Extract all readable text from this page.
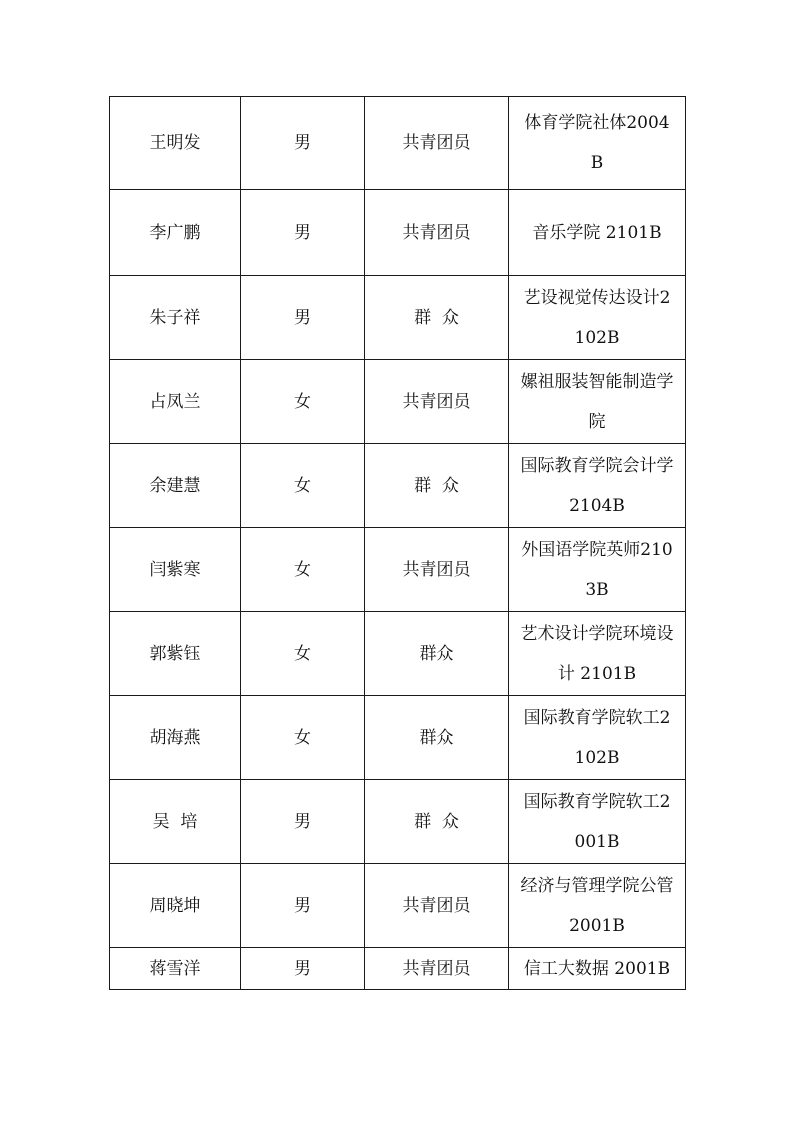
王明发	男	共青团员	体育学院社体2004B
李广鹏	男	共青团员	音乐学院 2101B
朱子祥	男	群  众	艺设视觉传达设计2102B
占凤兰	女	共青团员	嫘祖服装智能制造学院
余建慧	女	群  众	国际教育学院会计学 2104B
闫紫寒	女	共青团员	外国语学院英师2103B
郭紫钰	女	群众	艺术设计学院环境设计 2101B
胡海燕	女	群众	国际教育学院软工2102B
吴  培	男	群  众	国际教育学院软工2001B
周晓坤	男	共青团员	经济与管理学院公管 2001B
蒋雪洋	男	共青团员	信工大数据 2001B
